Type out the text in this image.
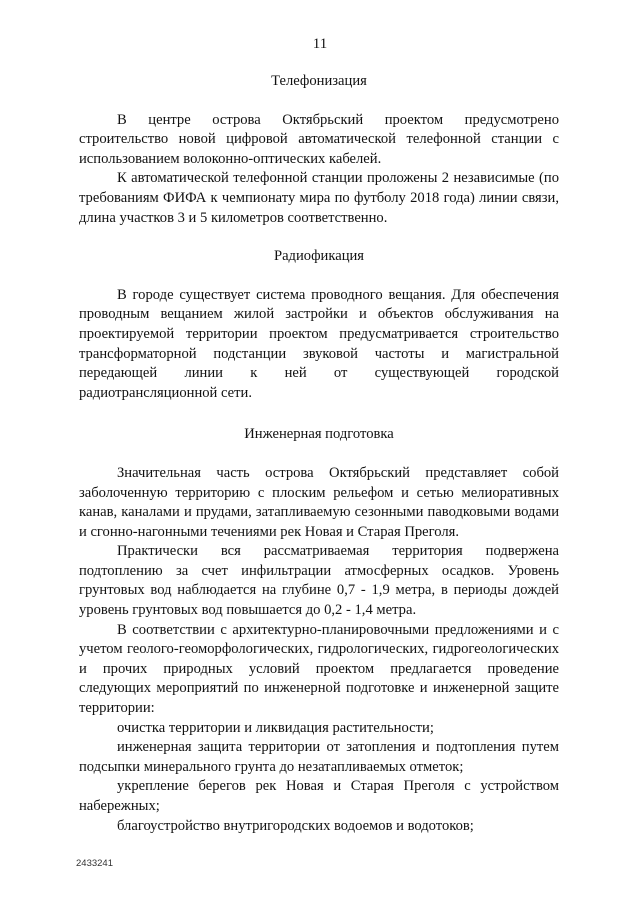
11
Телефонизация

В центре острова Октябрьский проектом предусмотрено строительство новой цифровой автоматической телефонной станции с использованием волоконно-оптических кабелей.

К автоматической телефонной станции проложены 2 независимые (по требованиям ФИФА к чемпионату мира по футболу 2018 года) линии связи, длина участков 3 и 5 километров соответственно.

Радиофикация

В городе существует система проводного вещания. Для обеспечения проводным вещанием жилой застройки и объектов обслуживания на проектируемой территории проектом предусматривается строительство трансформаторной подстанции звуковой частоты и магистральной передающей линии к ней от существующей городской радиотрансляционной сети.

Инженерная подготовка

Значительная часть острова Октябрьский представляет собой заболоченную территорию с плоским рельефом и сетью мелиоративных канав, каналами и прудами, затапливаемую сезонными паводковыми водами и сгонно-нагонными течениями рек Новая и Старая Преголя.

Практически вся рассматриваемая территория подвержена подтоплению за счет инфильтрации атмосферных осадков. Уровень грунтовых вод наблюдается на глубине 0,7 - 1,9 метра, в периоды дождей уровень грунтовых вод повышается до 0,2 - 1,4 метра.

В соответствии с архитектурно-планировочными предложениями и с учетом геолого-геоморфологических, гидрологических, гидрогеологических и прочих природных условий проектом предлагается проведение следующих мероприятий по инженерной подготовке и инженерной защите территории:

очистка территории и ликвидация растительности;

инженерная защита территории от затопления и подтопления путем подсыпки минерального грунта до незатапливаемых отметок;

укрепление берегов рек Новая и Старая Преголя с устройством набережных;

благоустройство внутригородских водоемов и водотоков;

2433241
